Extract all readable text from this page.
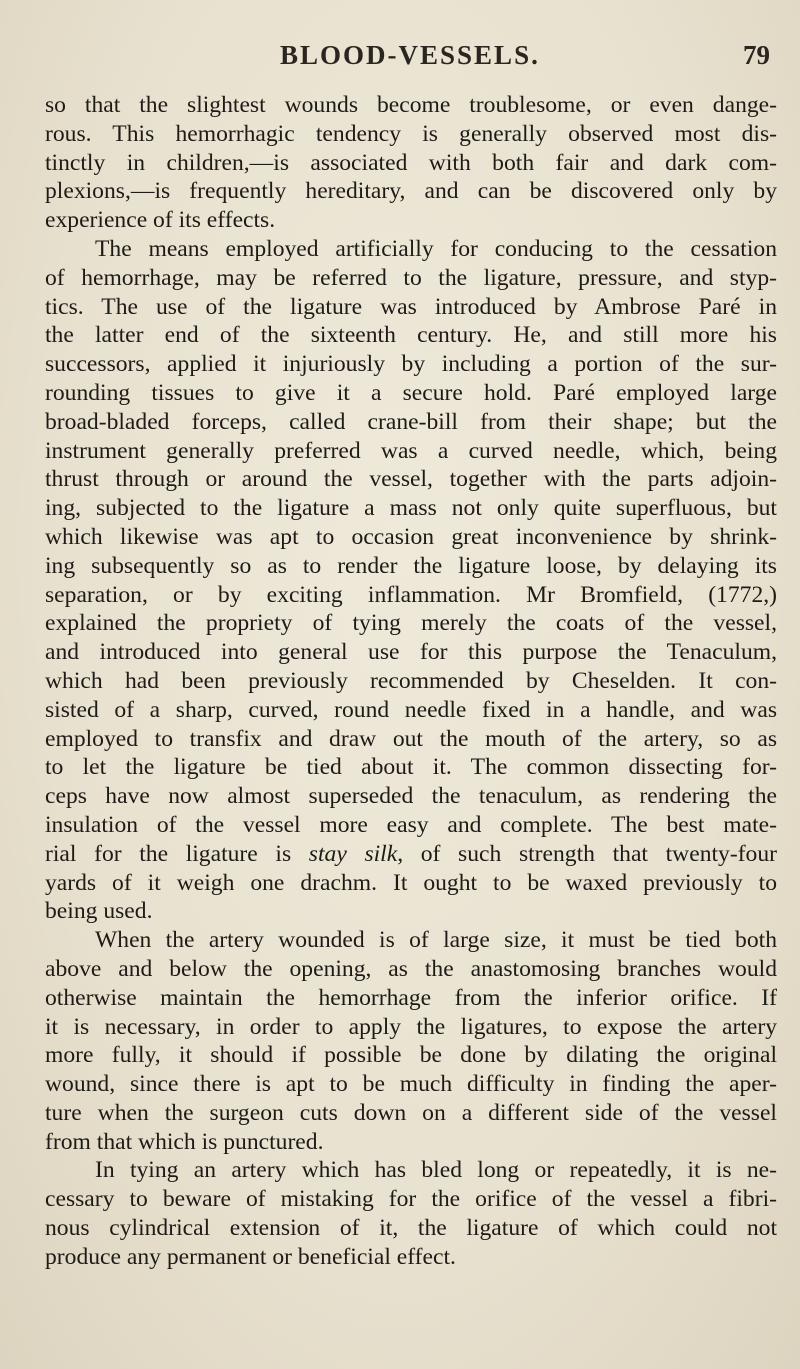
BLOOD-VESSELS.	79

so that the slightest wounds become troublesome, or even dange-
rous. This hemorrhagic tendency is generally observed most dis-
tinctly in children,—is associated with both fair and dark com-
plexions,—is frequently hereditary, and can be discovered only by
experience of its effects.

The means employed artificially for conducing to the cessation
of hemorrhage, may be referred to the ligature, pressure, and styp-
tics. The use of the ligature was introduced by Ambrose Paré in
the latter end of the sixteenth century. He, and still more his
successors, applied it injuriously by including a portion of the sur-
rounding tissues to give it a secure hold. Paré employed large
broad-bladed forceps, called crane-bill from their shape; but the
instrument generally preferred was a curved needle, which, being
thrust through or around the vessel, together with the parts adjoin-
ing, subjected to the ligature a mass not only quite superfluous, but
which likewise was apt to occasion great inconvenience by shrink-
ing subsequently so as to render the ligature loose, by delaying its
separation, or by exciting inflammation. Mr Bromfield, (1772,)
explained the propriety of tying merely the coats of the vessel,
and introduced into general use for this purpose the Tenaculum,
which had been previously recommended by Cheselden. It con-
sisted of a sharp, curved, round needle fixed in a handle, and was
employed to transfix and draw out the mouth of the artery, so as
to let the ligature be tied about it. The common dissecting for-
ceps have now almost superseded the tenaculum, as rendering the
insulation of the vessel more easy and complete. The best mate-
rial for the ligature is stay silk, of such strength that twenty-four
yards of it weigh one drachm. It ought to be waxed previously to
being used.

When the artery wounded is of large size, it must be tied both
above and below the opening, as the anastomosing branches would
otherwise maintain the hemorrhage from the inferior orifice. If
it is necessary, in order to apply the ligatures, to expose the artery
more fully, it should if possible be done by dilating the original
wound, since there is apt to be much difficulty in finding the aper-
ture when the surgeon cuts down on a different side of the vessel
from that which is punctured.

In tying an artery which has bled long or repeatedly, it is ne-
cessary to beware of mistaking for the orifice of the vessel a fibri-
nous cylindrical extension of it, the ligature of which could not
produce any permanent or beneficial effect.
